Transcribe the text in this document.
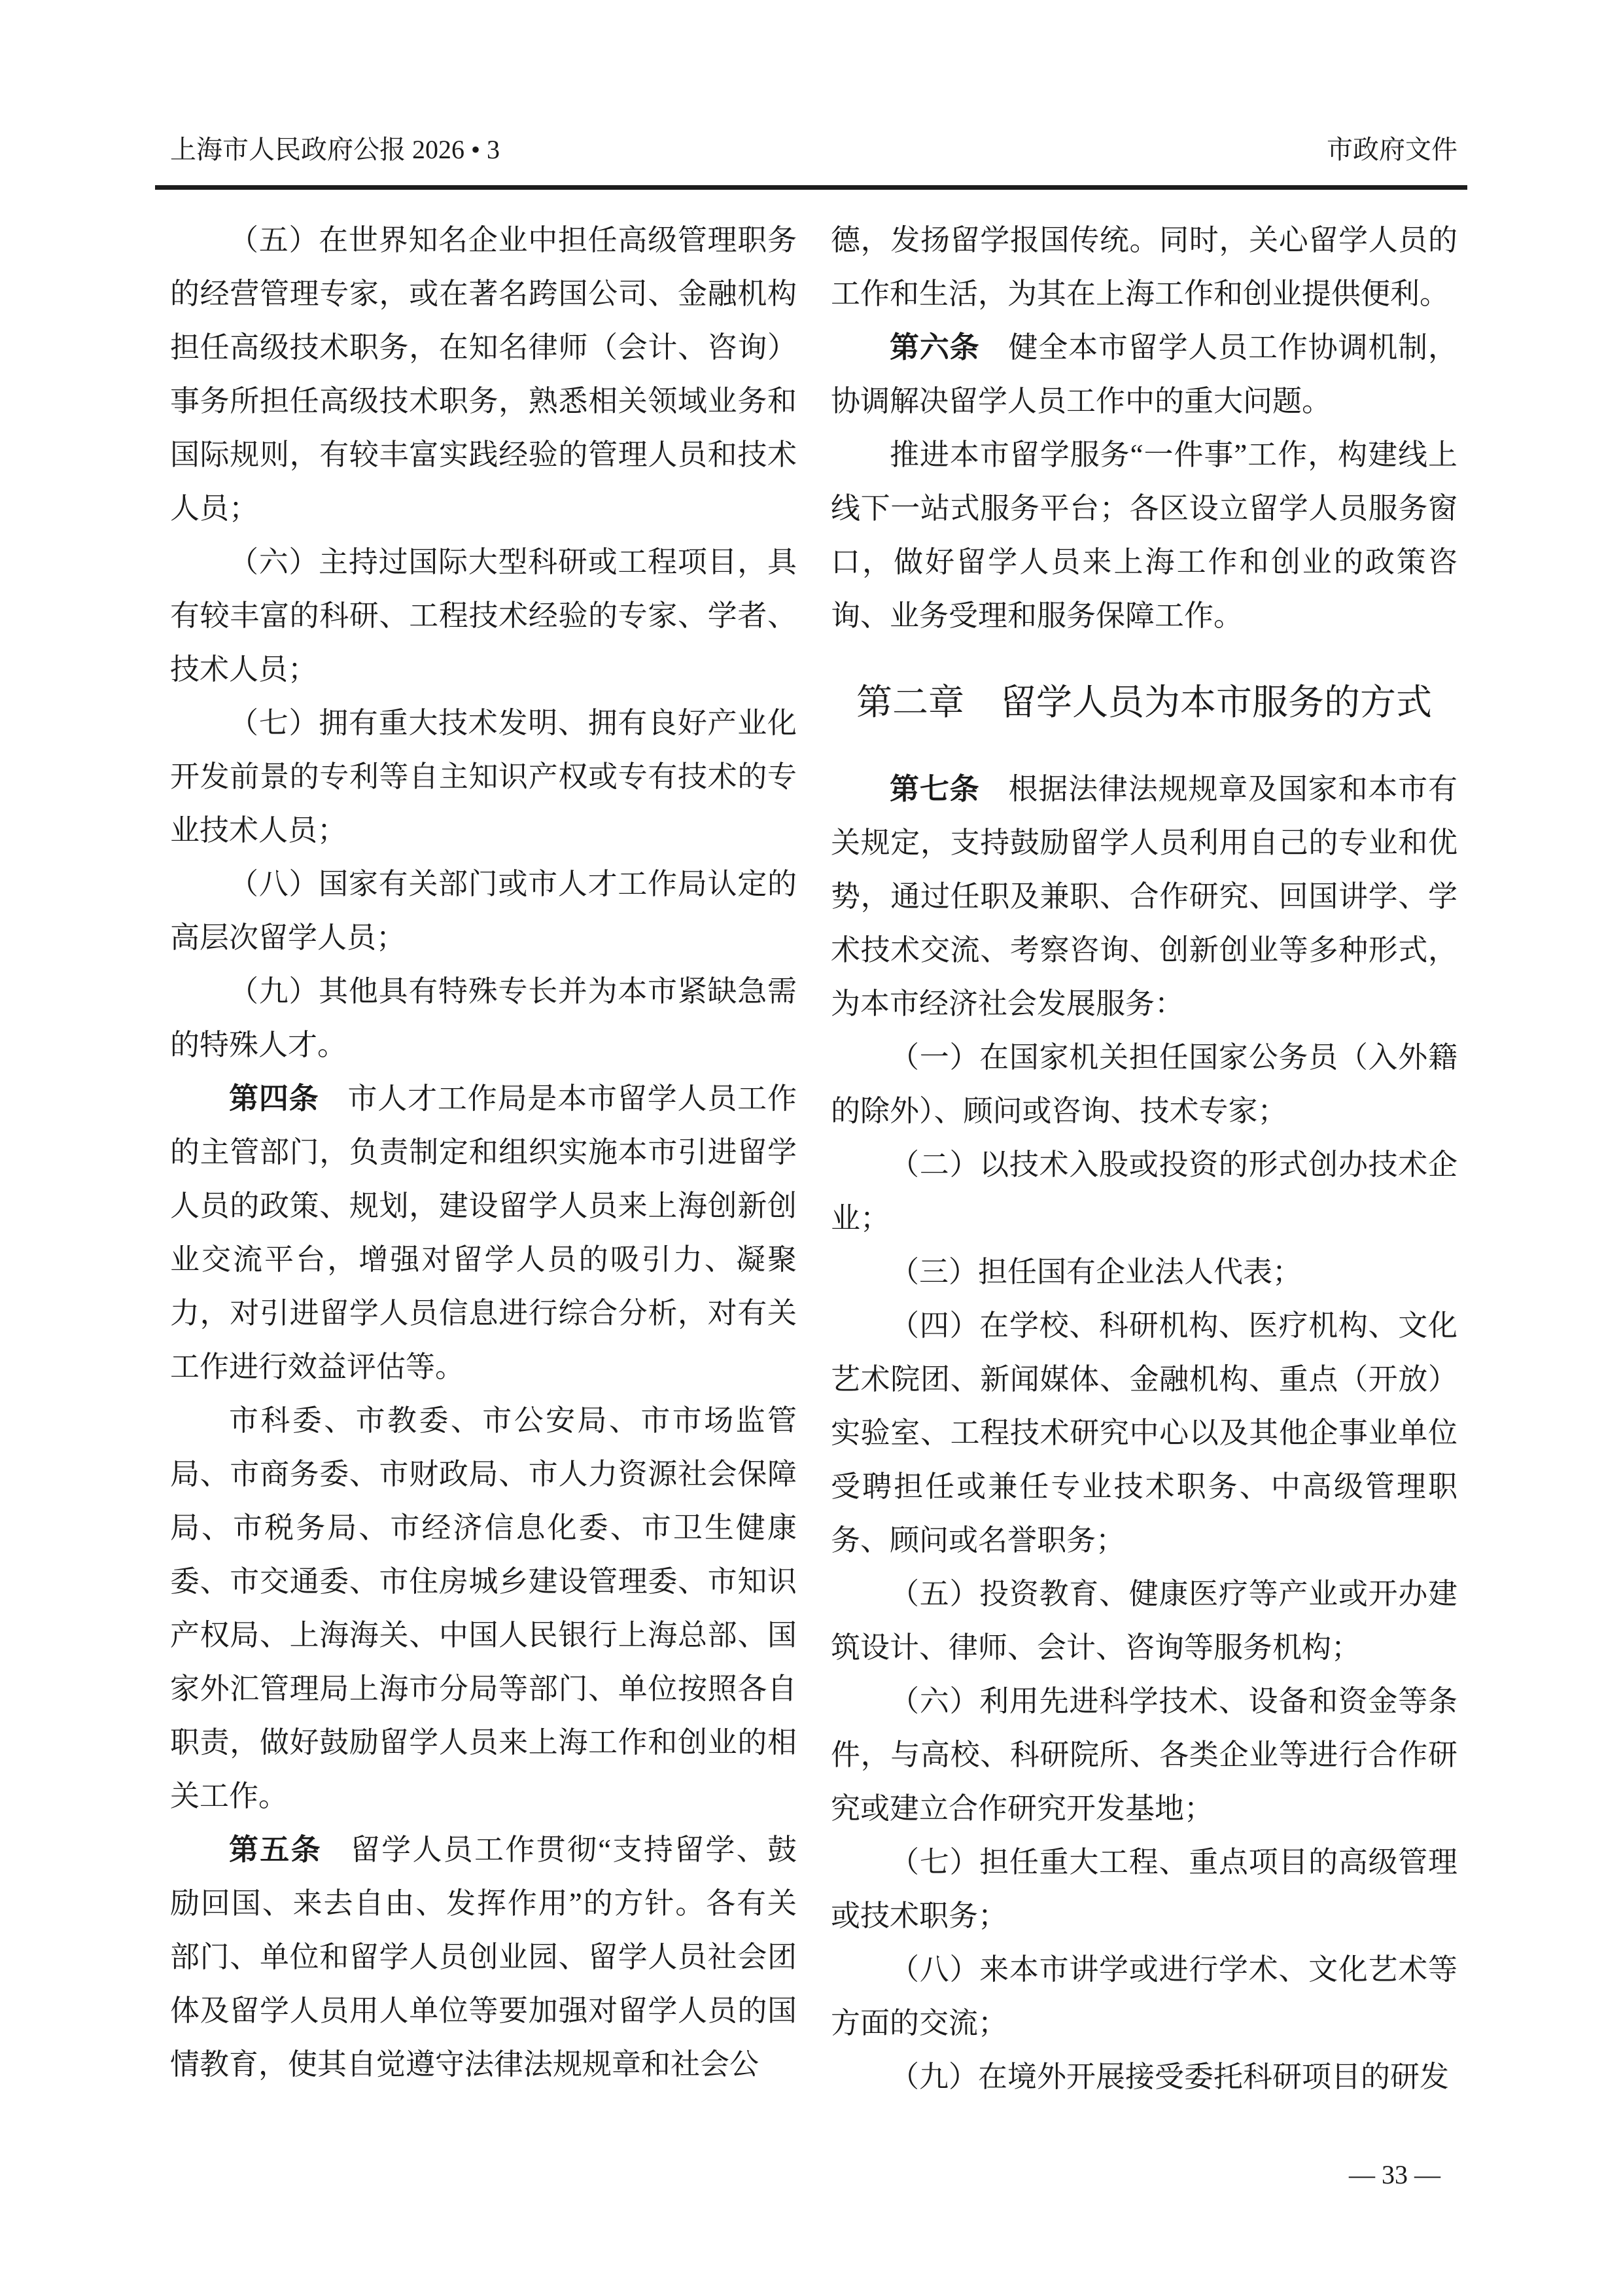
上海市人民政府公报 2026 • 3	市政府文件
（五）在世界知名企业中担任高级管理职务的经营管理专家，或在著名跨国公司、金融机构担任高级技术职务，在知名律师（会计、咨询）事务所担任高级技术职务，熟悉相关领域业务和国际规则，有较丰富实践经验的管理人员和技术人员；
（六）主持过国际大型科研或工程项目，具有较丰富的科研、工程技术经验的专家、学者、技术人员；
（七）拥有重大技术发明、拥有良好产业化开发前景的专利等自主知识产权或专有技术的专业技术人员；
（八）国家有关部门或市人才工作局认定的高层次留学人员；
（九）其他具有特殊专长并为本市紧缺急需的特殊人才。
第四条 市人才工作局是本市留学人员工作的主管部门，负责制定和组织实施本市引进留学人员的政策、规划，建设留学人员来上海创新创业交流平台，增强对留学人员的吸引力、凝聚力，对引进留学人员信息进行综合分析，对有关工作进行效益评估等。
市科委、市教委、市公安局、市市场监管局、市商务委、市财政局、市人力资源社会保障局、市税务局、市经济信息化委、市卫生健康委、市交通委、市住房城乡建设管理委、市知识产权局、上海海关、中国人民银行上海总部、国家外汇管理局上海市分局等部门、单位按照各自职责，做好鼓励留学人员来上海工作和创业的相关工作。
第五条 留学人员工作贯彻“支持留学、鼓励回国、来去自由、发挥作用”的方针。各有关部门、单位和留学人员创业园、留学人员社会团体及留学人员用人单位等要加强对留学人员的国情教育，使其自觉遵守法律法规规章和社会公
德，发扬留学报国传统。同时，关心留学人员的工作和生活，为其在上海工作和创业提供便利。
第六条 健全本市留学人员工作协调机制，协调解决留学人员工作中的重大问题。
推进本市留学服务“一件事”工作，构建线上线下一站式服务平台；各区设立留学人员服务窗口，做好留学人员来上海工作和创业的政策咨询、业务受理和服务保障工作。
第二章　留学人员为本市服务的方式
第七条 根据法律法规规章及国家和本市有关规定，支持鼓励留学人员利用自己的专业和优势，通过任职及兼职、合作研究、回国讲学、学术技术交流、考察咨询、创新创业等多种形式，为本市经济社会发展服务：
（一）在国家机关担任国家公务员（入外籍的除外）、顾问或咨询、技术专家；
（二）以技术入股或投资的形式创办技术企业；
（三）担任国有企业法人代表；
（四）在学校、科研机构、医疗机构、文化艺术院团、新闻媒体、金融机构、重点（开放）实验室、工程技术研究中心以及其他企事业单位受聘担任或兼任专业技术职务、中高级管理职务、顾问或名誉职务；
（五）投资教育、健康医疗等产业或开办建筑设计、律师、会计、咨询等服务机构；
（六）利用先进科学技术、设备和资金等条件，与高校、科研院所、各类企业等进行合作研究或建立合作研究开发基地；
（七）担任重大工程、重点项目的高级管理或技术职务；
（八）来本市讲学或进行学术、文化艺术等方面的交流；
（九）在境外开展接受委托科研项目的研发
— 33 —
